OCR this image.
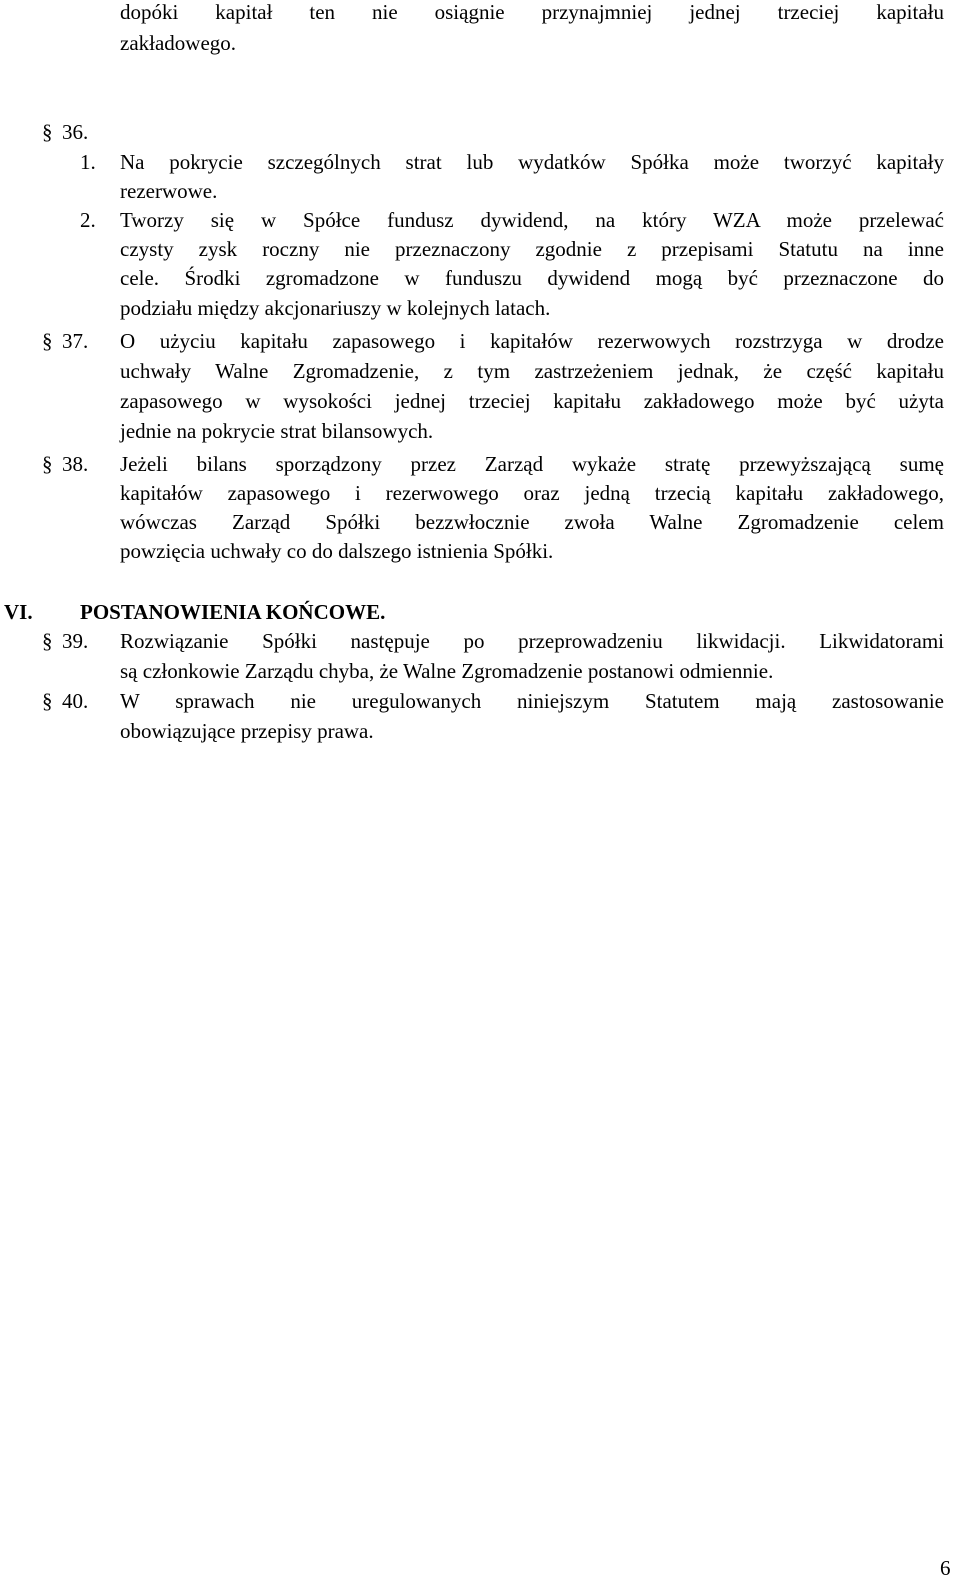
dopóki kapitał ten nie osiągnie przynajmniej jednej trzeciej kapitału
zakładowego.
§ 36.
1. Na pokrycie szczególnych strat lub wydatków Spółka może tworzyć kapitały
rezerwowe.
2. Tworzy się w Spółce fundusz dywidend, na który WZA może przelewać
czysty zysk roczny nie przeznaczony zgodnie z przepisami Statutu na inne
cele. Środki zgromadzone w funduszu dywidend mogą być przeznaczone do
podziału między akcjonariuszy w kolejnych latach.
§ 37. O użyciu kapitału zapasowego i kapitałów rezerwowych rozstrzyga w drodze
uchwały Walne Zgromadzenie, z tym zastrzeżeniem jednak, że część kapitału
zapasowego w wysokości jednej trzeciej kapitału zakładowego może być użyta
jednie na pokrycie strat bilansowych.
§ 38. Jeżeli bilans sporządzony przez Zarząd wykaże stratę przewyższającą sumę
kapitałów zapasowego i rezerwowego oraz jedną trzecią kapitału zakładowego,
wówczas Zarząd Spółki bezzwłocznie zwoła Walne Zgromadzenie celem
powzięcia uchwały co do dalszego istnienia Spółki.
VI. POSTANOWIENIA KOŃCOWE.
§ 39. Rozwiązanie Spółki następuje po przeprowadzeniu likwidacji. Likwidatorami
są członkowie Zarządu chyba, że Walne Zgromadzenie postanowi odmiennie.
§ 40. W sprawach nie uregulowanych niniejszym Statutem mają zastosowanie
obowiązujące przepisy prawa.
6
